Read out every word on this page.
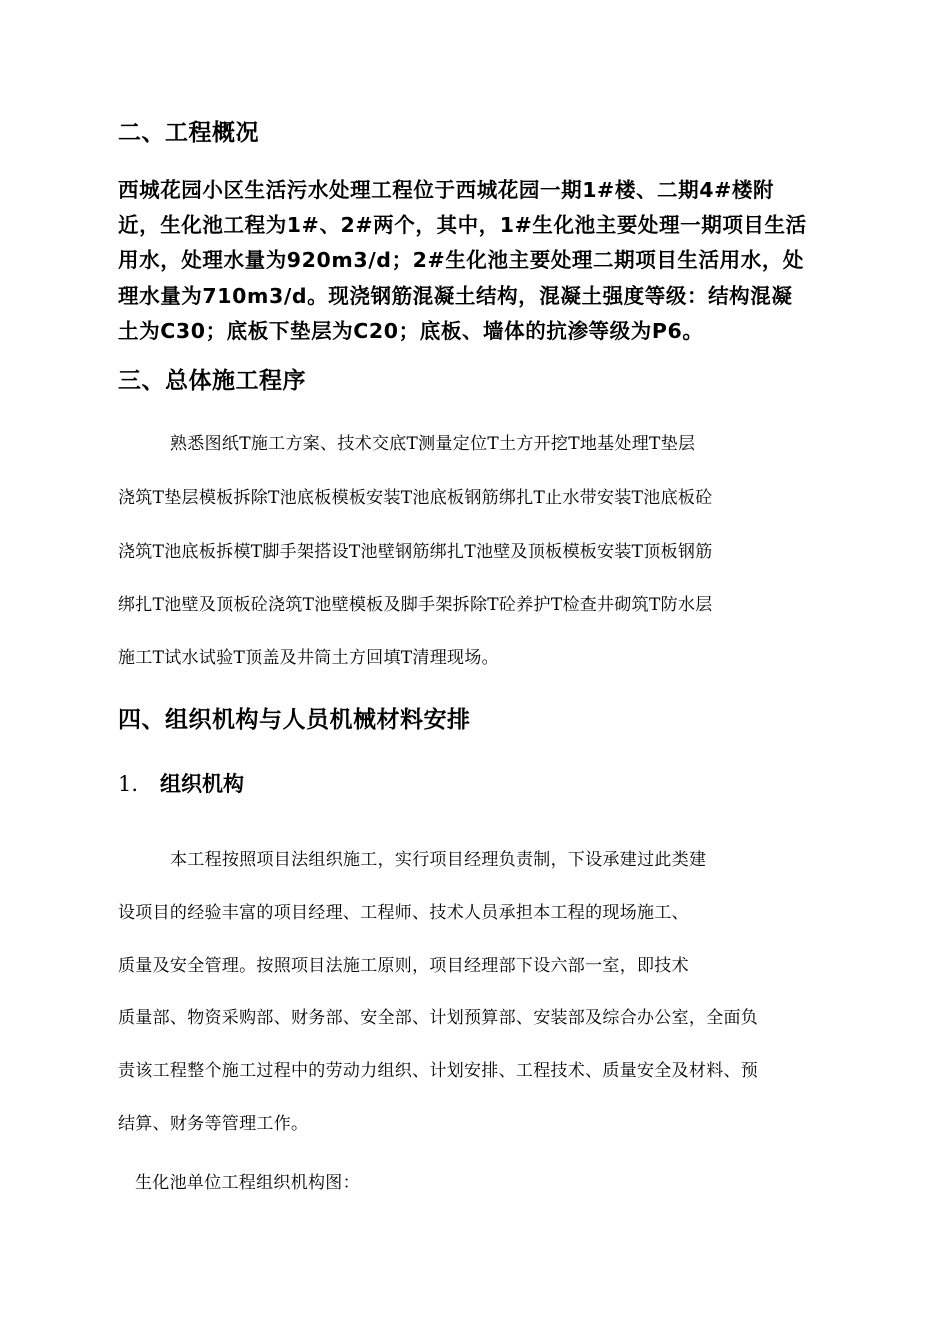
二、工程概况
西城花园小区生活污水处理工程位于西城花园一期1#楼、二期4#楼附
近，生化池工程为1#、2#两个，其中，1#生化池主要处理一期项目生活
用水，处理水量为920m3/d；2#生化池主要处理二期项目生活用水，处
理水量为710m3/d。现浇钢筋混凝土结构，混凝土强度等级：结构混凝
土为C30；底板下垫层为C20；底板、墙体的抗渗等级为P6。
三、总体施工程序
熟悉图纸T施工方案、技术交底T测量定位T土方开挖T地基处理T垫层
浇筑T垫层模板拆除T池底板模板安装T池底板钢筋绑扎T止水带安装T池底板砼
浇筑T池底板拆模T脚手架搭设T池壁钢筋绑扎T池壁及顶板模板安装T顶板钢筋
绑扎T池壁及顶板砼浇筑T池壁模板及脚手架拆除T砼养护T检查井砌筑T防水层
施工T试水试验T顶盖及井筒土方回填T清理现场。
四、组织机构与人员机械材料安排
1. 组织机构
本工程按照项目法组织施工，实行项目经理负责制，下设承建过此类建
设项目的经验丰富的项目经理、工程师、技术人员承担本工程的现场施工、
质量及安全管理。按照项目法施工原则，项目经理部下设六部一室，即技术
质量部、物资采购部、财务部、安全部、计划预算部、安装部及综合办公室，全面负
责该工程整个施工过程中的劳动力组织、计划安排、工程技术、质量安全及材料、预
结算、财务等管理工作。
生化池单位工程组织机构图：
